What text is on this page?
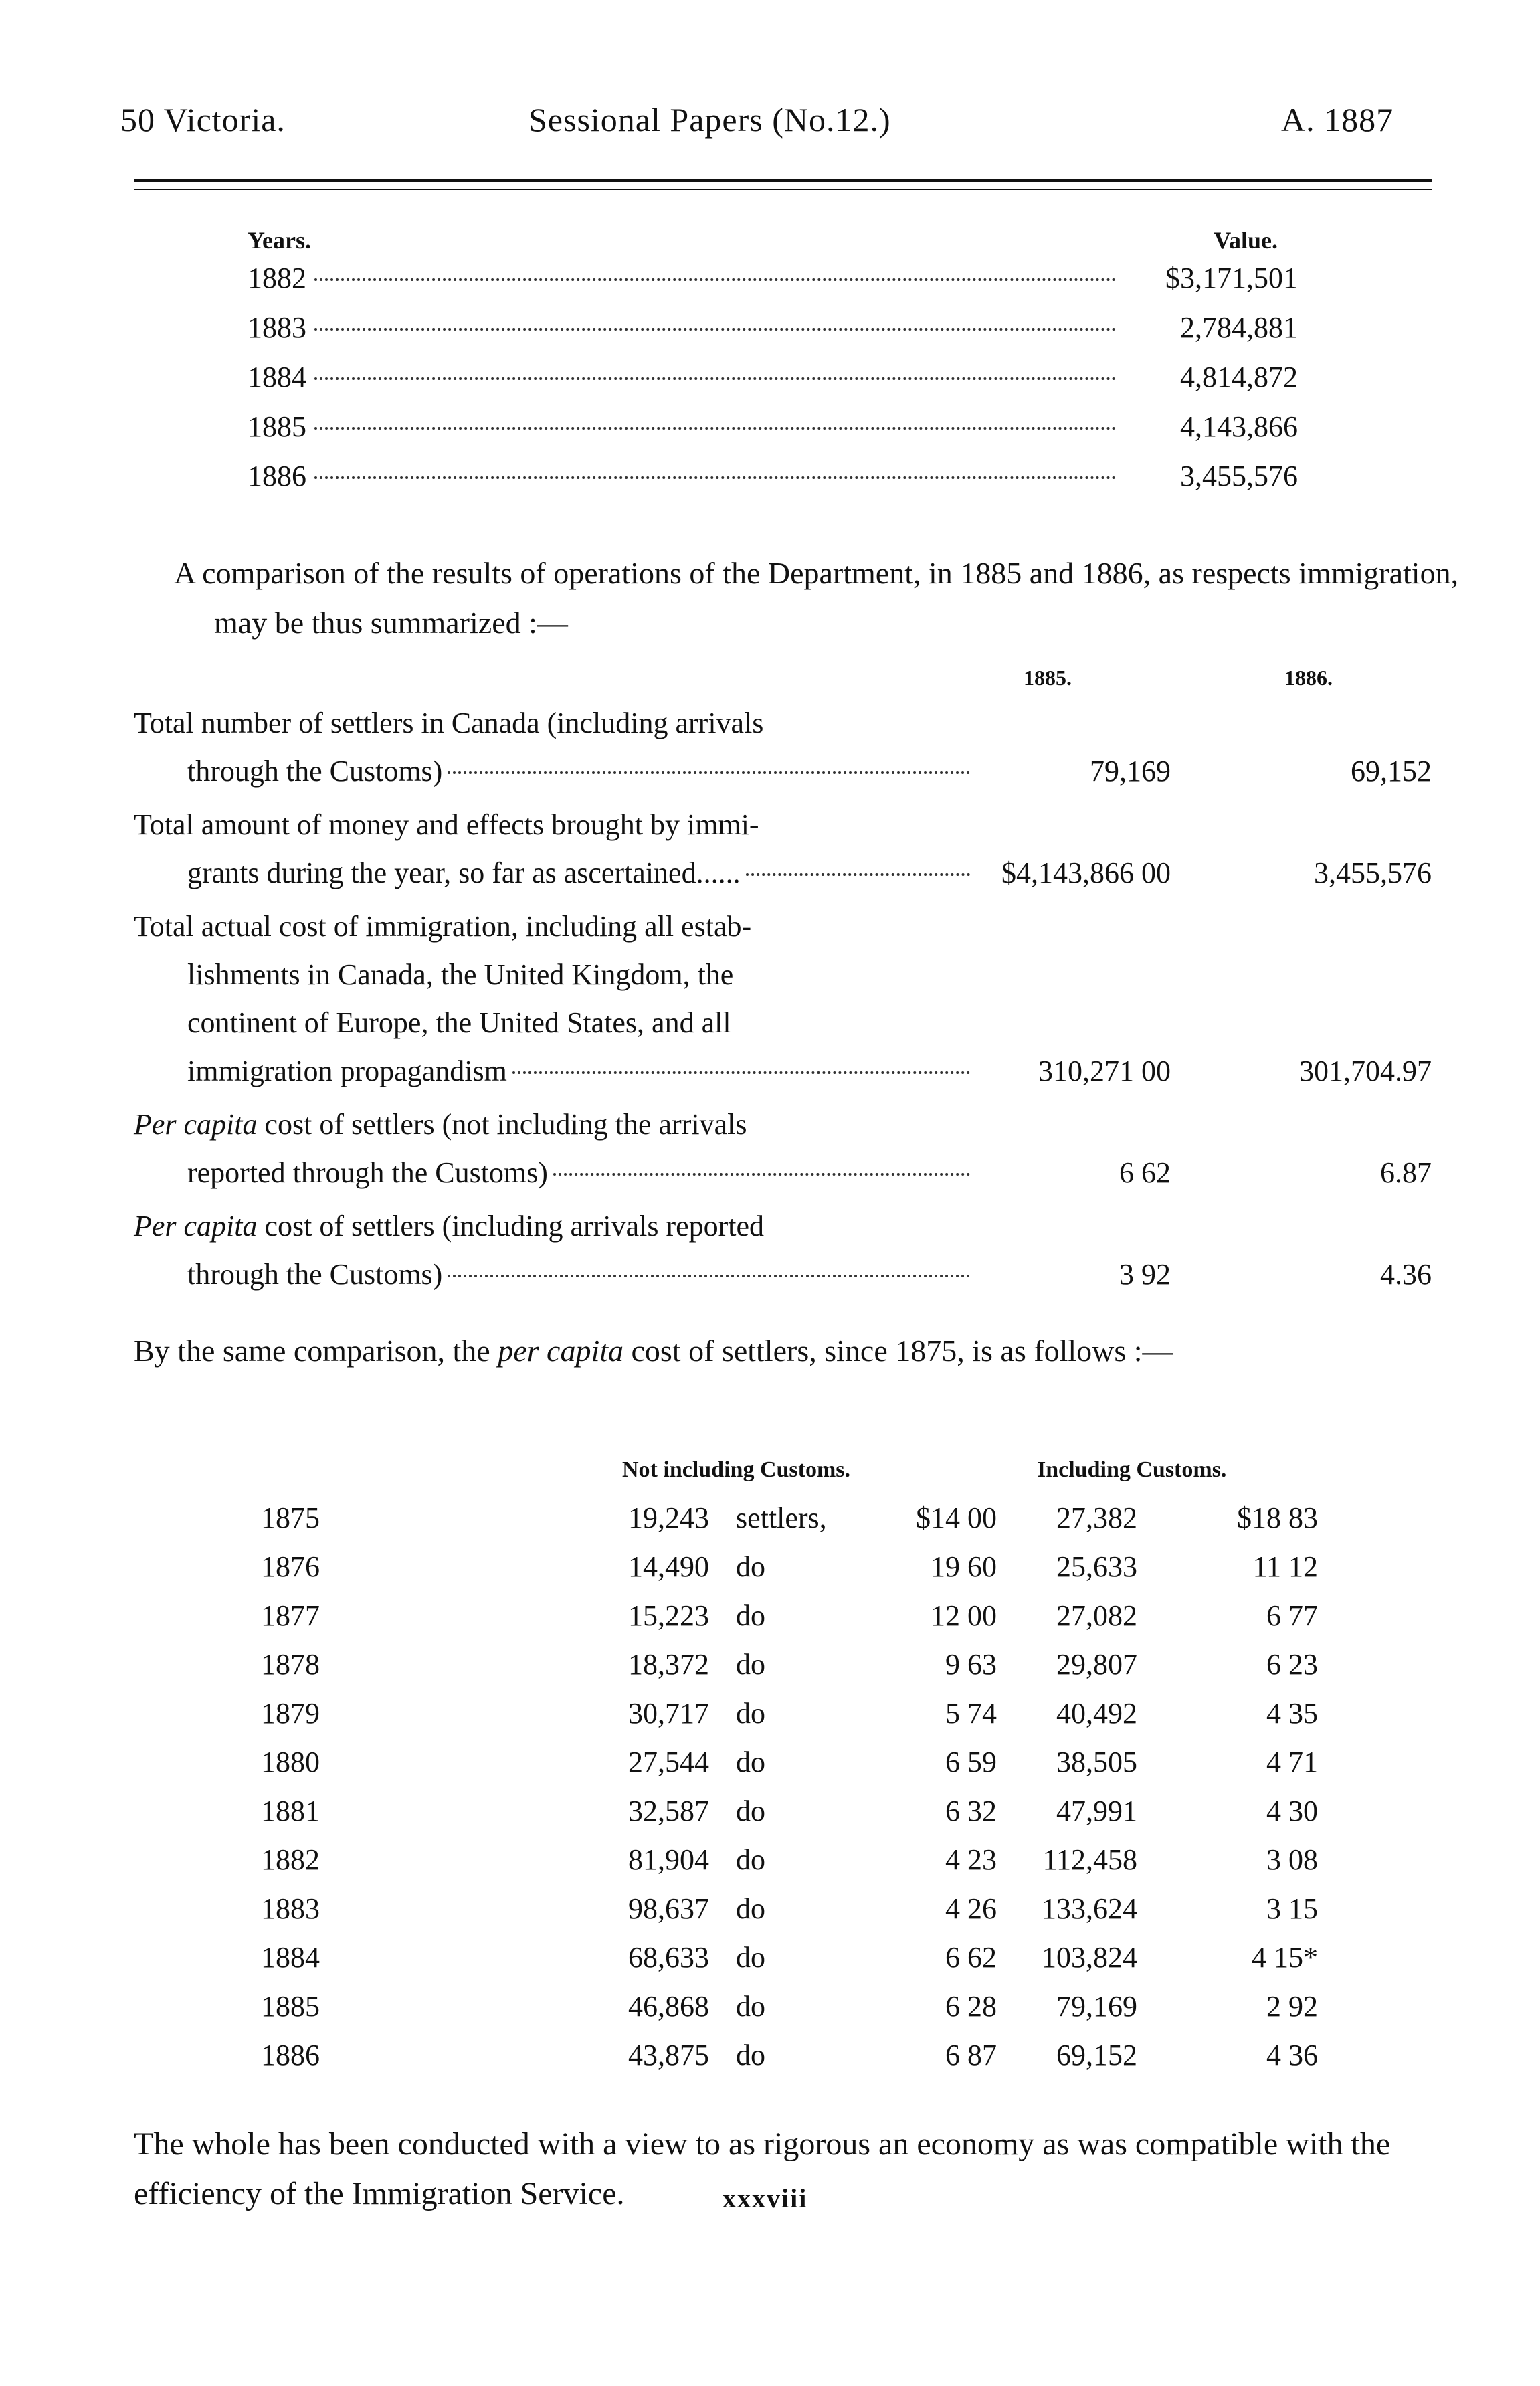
50 Victoria.	Sessional Papers (No.12.)	A. 1887
Years.	Value.
1882	$3,171,501
1883	2,784,881
1884	4,814,872
1885	4,143,866
1886	3,455,576
A comparison of the results of operations of the Department, in 1885 and 1886, as respects immigration, may be thus summarized :—
1885.	1886.
Total number of settlers in Canada (including arrivals
through the Customs)	79,169	69,152
Total amount of money and effects brought by immi-
grants during the year, so far as ascertained......	$4,143,866 00	3,455,576
Total actual cost of immigration, including all estab-
lishments in Canada, the United Kingdom, the
continent of Europe, the United States, and all
immigration propagandism	310,271 00	301,704.97
Per capita cost of settlers (not including the arrivals
reported through the Customs)	6 62	6.87
Per capita cost of settlers (including arrivals reported
through the Customs)	3 92	4.36
By the same comparison, the per capita cost of settlers, since 1875, is as follows :—
Not including Customs.	Including Customs.
1875	19,243 settlers,	$14 00	27,382	$18 83
1876	14,490 do	19 60	25,633	11 12
1877	15,223 do	12 00	27,082	6 77
1878	18,372 do	9 63	29,807	6 23
1879	30,717 do	5 74	40,492	4 35
1880	27,544 do	6 59	38,505	4 71
1881	32,587 do	6 32	47,991	4 30
1882	81,904 do	4 23	112,458	3 08
1883	98,637 do	4 26	133,624	3 15
1884	68,633 do	6 62	103,824	4 15*
1885	46,868 do	6 28	79,169	2 92
1886	43,875 do	6 87	69,152	4 36
The whole has been conducted with a view to as rigorous an economy as was compatible with the efficiency of the Immigration Service.	xxxviii
